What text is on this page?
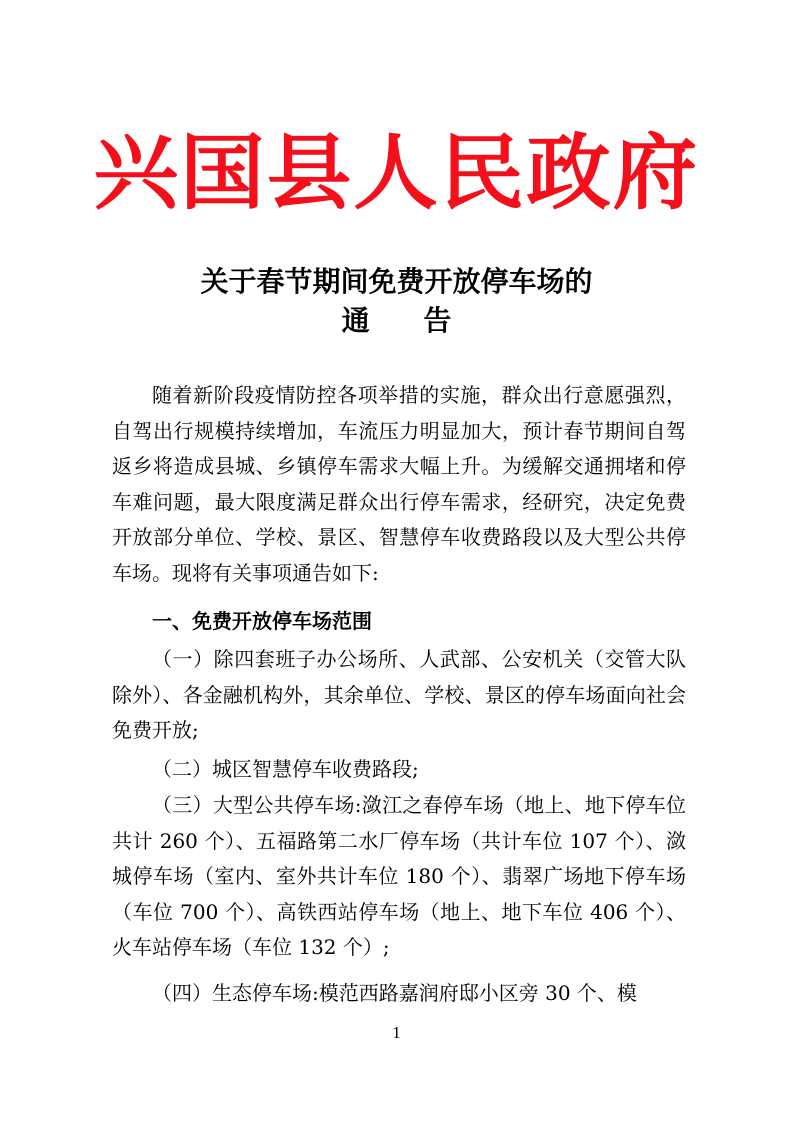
兴国县人民政府
关于春节期间免费开放停车场的
通 告

随着新阶段疫情防控各项举措的实施，群众出行意愿强烈，自驾出行规模持续增加，车流压力明显加大，预计春节期间自驾返乡将造成县城、乡镇停车需求大幅上升。为缓解交通拥堵和停车难问题，最大限度满足群众出行停车需求，经研究，决定免费开放部分单位、学校、景区、智慧停车收费路段以及大型公共停车场。现将有关事项通告如下:

一、免费开放停车场范围

（一）除四套班子办公场所、人武部、公安机关（交管大队除外）、各金融机构外，其余单位、学校、景区的停车场面向社会免费开放;

（二）城区智慧停车收费路段;

（三）大型公共停车场:潋江之春停车场（地上、地下停车位共计 260 个）、五福路第二水厂停车场（共计车位 107 个）、潋城停车场（室内、室外共计车位 180 个）、翡翠广场地下停车场（车位 700 个）、高铁西站停车场（地上、地下车位 406 个）、火车站停车场（车位 132 个）;

（四）生态停车场:模范西路嘉润府邸小区旁 30 个、模

1
